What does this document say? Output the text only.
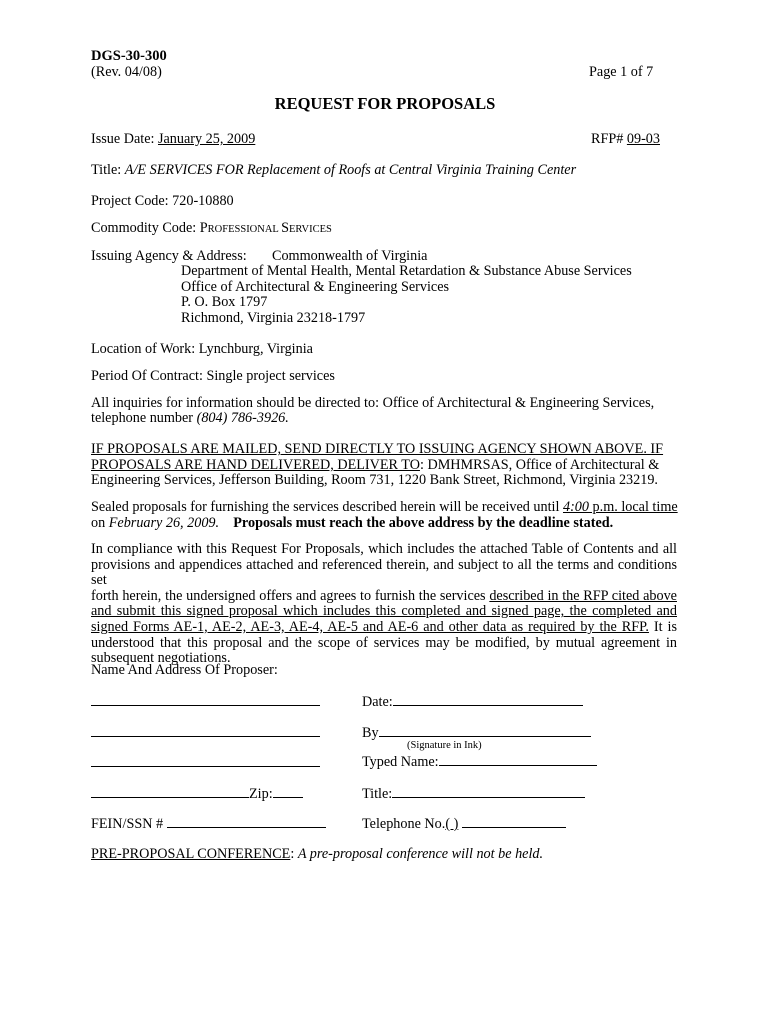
DGS-30-300
(Rev. 04/08)	Page 1 of 7
REQUEST FOR PROPOSALS
Issue Date: January 25, 2009	RFP# 09-03
Title: A/E SERVICES FOR Replacement of Roofs at Central Virginia Training Center
Project Code: 720-10880
Commodity Code: PROFESSIONAL SERVICES
Issuing Agency & Address: Commonwealth of Virginia
Department of Mental Health, Mental Retardation & Substance Abuse Services
Office of Architectural & Engineering Services
P. O. Box 1797
Richmond, Virginia 23218-1797
Location of Work: Lynchburg, Virginia
Period Of Contract: Single project services
All inquiries for information should be directed to: Office of Architectural & Engineering Services,
telephone number (804) 786-3926.
IF PROPOSALS ARE MAILED, SEND DIRECTLY TO ISSUING AGENCY SHOWN ABOVE. IF
PROPOSALS ARE HAND DELIVERED, DELIVER TO: DMHMRSAS, Office of Architectural &
Engineering Services, Jefferson Building, Room 731, 1220 Bank Street, Richmond, Virginia 23219.
Sealed proposals for furnishing the services described herein will be received until 4:00 p.m. local time
on February 26, 2009. Proposals must reach the above address by the deadline stated.
In compliance with this Request For Proposals, which includes the attached Table of Contents and all
provisions and appendices attached and referenced therein, and subject to all the terms and conditions set
forth herein, the undersigned offers and agrees to furnish the services described in the RFP cited above
and submit this signed proposal which includes this completed and signed page, the completed and
signed Forms AE-1, AE-2, AE-3, AE-4, AE-5 and AE-6 and other data as required by the RFP. It is
understood that this proposal and the scope of services may be modified, by mutual agreement in
subsequent negotiations.
Name And Address Of Proposer:
Zip:
FEIN/SSN #
Date:
By
(Signature in Ink)
Typed Name:
Title:
Telephone No.( )
PRE-PROPOSAL CONFERENCE: A pre-proposal conference will not be held.
